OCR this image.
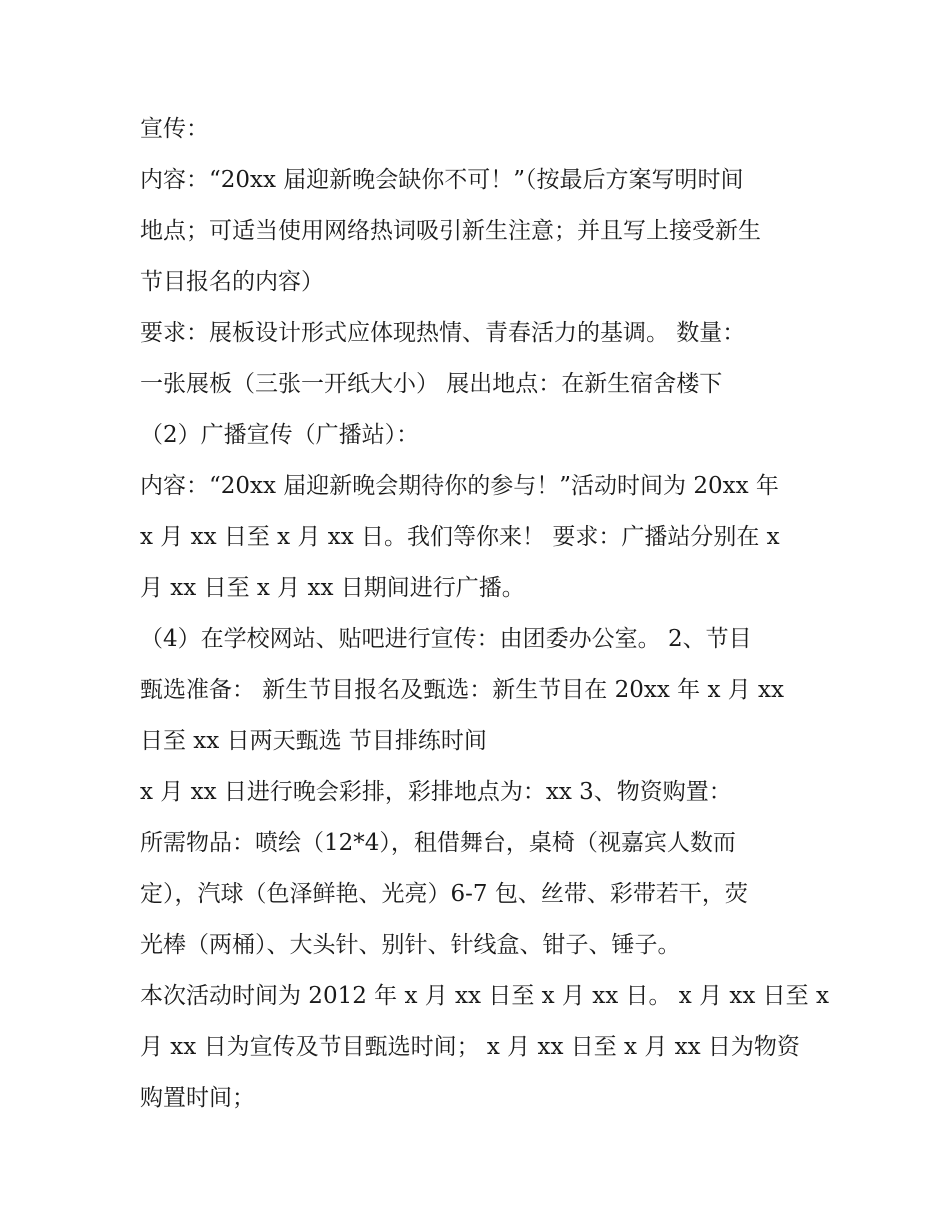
宣传：
内容：“20xx 届迎新晚会缺你不可！”（按最后方案写明时间
地点；可适当使用网络热词吸引新生注意；并且写上接受新生
节目报名的内容）
要求：展板设计形式应体现热情、青春活力的基调。 数量：
一张展板（三张一开纸大小） 展出地点：在新生宿舍楼下
（2）广播宣传（广播站）：
内容：“20xx 届迎新晚会期待你的参与！”活动时间为 20xx 年
x 月 xx 日至 x 月 xx 日。我们等你来！ 要求：广播站分别在 x
月 xx 日至 x 月 xx 日期间进行广播。
（4）在学校网站、贴吧进行宣传：由团委办公室。 2、节目
甄选准备： 新生节目报名及甄选：新生节目在 20xx 年 x 月 xx
日至 xx 日两天甄选 节目排练时间
x 月 xx 日进行晚会彩排，彩排地点为：xx 3、物资购置：
所需物品：喷绘（12*4），租借舞台，桌椅（视嘉宾人数而
定），汽球（色泽鲜艳、光亮）6-7 包、丝带、彩带若干，荧
光棒（两桶）、大头针、别针、针线盒、钳子、锤子。
本次活动时间为 2012 年 x 月 xx 日至 x 月 xx 日。 x 月 xx 日至 x
月 xx 日为宣传及节目甄选时间； x 月 xx 日至 x 月 xx 日为物资
购置时间；
